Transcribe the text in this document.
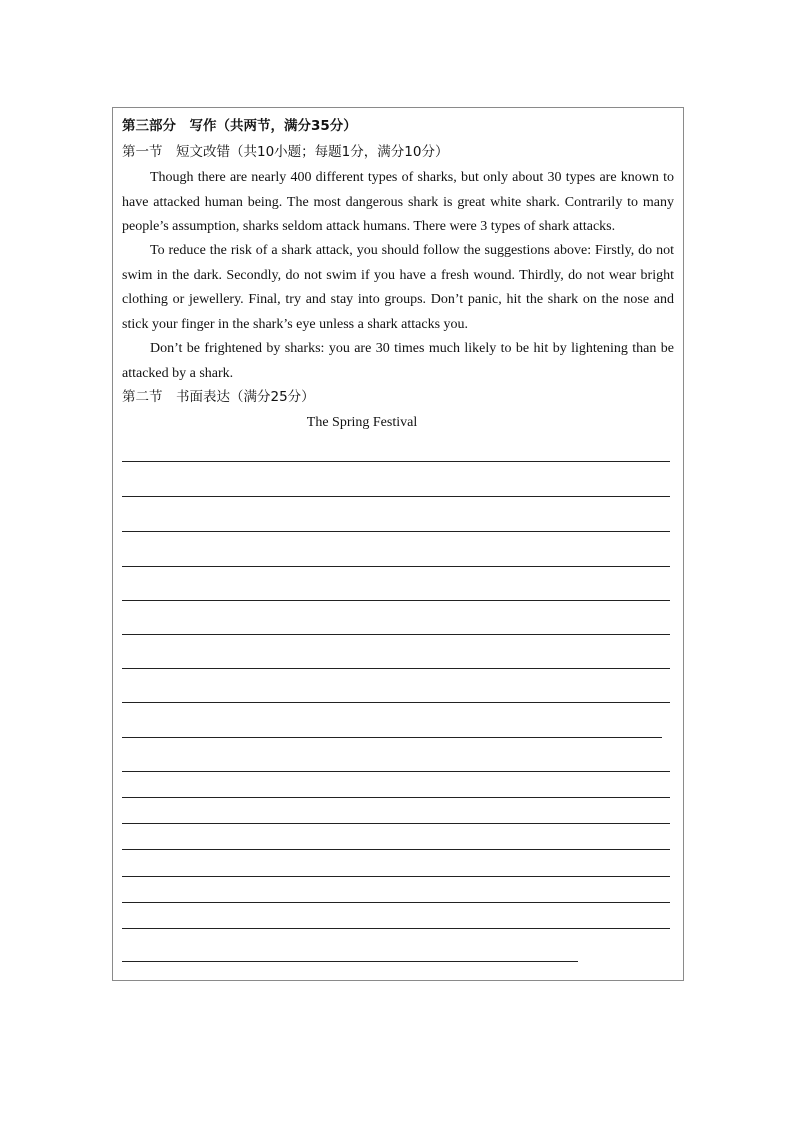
第三部分　写作（共两节，满分35分）
第一节　短文改错（共10小题；每题1分，满分10分）

Though there are nearly 400 different types of sharks, but only about 30 types are known to have attacked human being. The most dangerous shark is great white shark. Contrarily to many people’s assumption, sharks seldom attack humans. There were 3 types of shark attacks.

To reduce the risk of a shark attack, you should follow the suggestions above: Firstly, do not swim in the dark. Secondly, do not swim if you have a fresh wound. Thirdly, do not wear bright clothing or jewellery. Final, try and stay into groups. Don’t panic, hit the shark on the nose and stick your finger in the shark’s eye unless a shark attacks you.

Don’t be frightened by sharks: you are 30 times much likely to be hit by lightening than be attacked by a shark.

第二节　书面表达（满分25分）
The Spring Festival
